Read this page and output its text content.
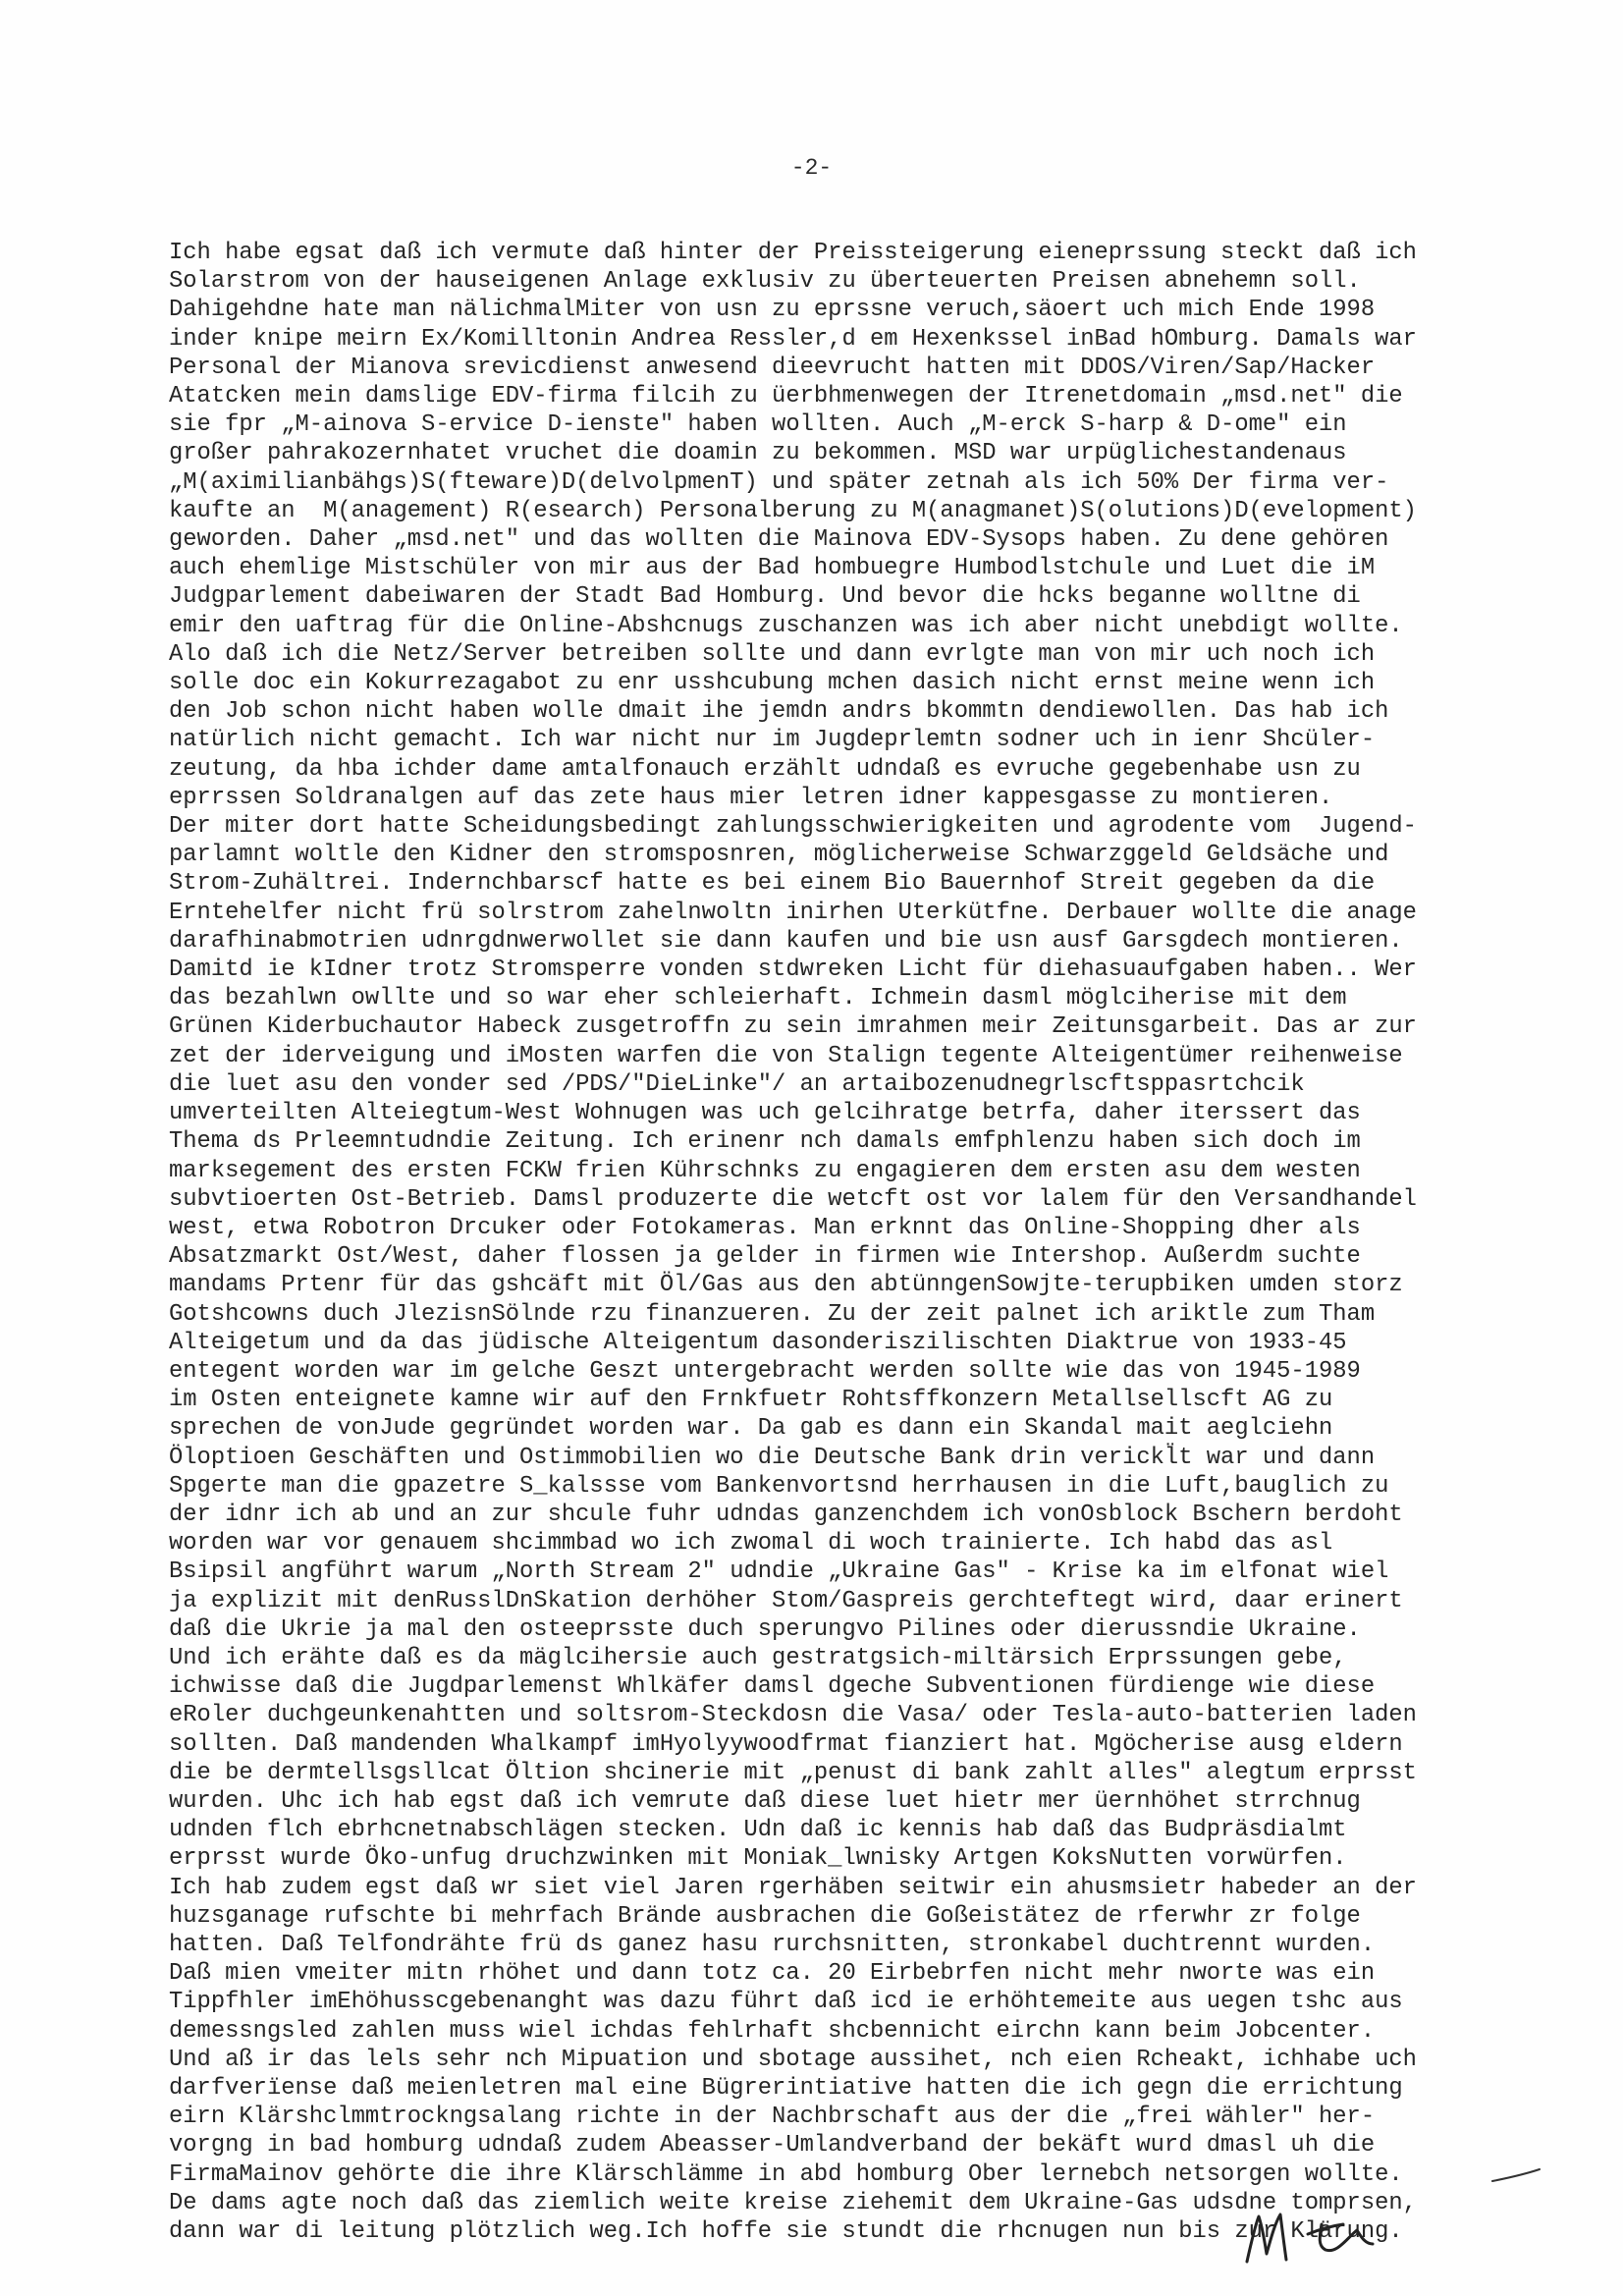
-2-
Ich habe egsat daß ich vermute daß hinter der Preissteigerung eieneprssung steckt daß ich
Solarstrom von der hauseigenen Anlage exklusiv zu überteuerten Preisen abnehemn soll.
Dahigehdne hate man nälichmalMiter von usn zu eprssne veruch,säoert uch mich Ende 1998
inder knipe meirn Ex/Komilltonin Andrea Ressler,d em Hexenkssel inBad hOmburg. Damals war
Personal der Mianova srevicdienst anwesend dieevrucht hatten mit DDOS/Viren/Sap/Hacker
Atatcken mein damslige EDV-firma filcih zu üerbhmenwegen der Itrenetdomain „msd.net" die
sie fpr „M-ainova S-ervice D-ienste" haben wollten. Auch „M-erck S-harp & D-ome" ein
großer pahrakozernhatet vruchet die doamin zu bekommen. MSD war urpüglichestandenaus
„M(aximilianbähgs)S(fteware)D(delvolpmenT) und später zetnah als ich 50% Der firma ver-
kaufte an  M(anagement) R(esearch) Personalberung zu M(anagmanet)S(olutions)D(evelopment)
geworden. Daher „msd.net" und das wollten die Mainova EDV-Sysops haben. Zu dene gehören
auch ehemlige Mistschüler von mir aus der Bad hombuegre Humbodlstchule und Luet die iM
Judgparlement dabeiwaren der Stadt Bad Homburg. Und bevor die hcks beganne wolltne di
emir den uaftrag für die Online-Abshcnugs zuschanzen was ich aber nicht unebdigt wollte.
Alo daß ich die Netz/Server betreiben sollte und dann evrlgte man von mir uch noch ich
solle doc ein Kokurrezagabot zu enr usshcubung mchen dasich nicht ernst meine wenn ich
den Job schon nicht haben wolle dmait ihe jemdn andrs bkommtn dendiewollen. Das hab ich
natürlich nicht gemacht. Ich war nicht nur im Jugdeprlemtn sodner uch in ienr Shcüler-
zeutung, da hba ichder dame amtalfonauch erzählt udndaß es evruche gegebenhabe usn zu
eprrssen Soldranalgen auf das zete haus mier letren idner kappesgasse zu montieren.
Der miter dort hatte Scheidungsbedingt zahlungsschwierigkeiten und agrodente vom  Jugend-
parlamnt woltle den Kidner den stromsposnren, möglicherweise Schwarzggeld Geldsäche und
Strom-Zuhältrei. Indernchbarscf hatte es bei einem Bio Bauernhof Streit gegeben da die
Erntehelfer nicht frü solrstrom zahelnwoltn inirhen Uterkütfne. Derbauer wollte die anage
darafhinabmotrien udnrgdnwerwollet sie dann kaufen und bie usn ausf Garsgdech montieren.
Damitd ie kIdner trotz Stromsperre vonden stdwreken Licht für diehasuaufgaben haben.. Wer
das bezahlwn owllte und so war eher schleierhaft. Ichmein dasml möglciherise mit dem
Grünen Kiderbuchautor Habeck zusgetroffn zu sein imrahmen meir Zeitunsgarbeit. Das ar zur
zet der iderveigung und iMosten warfen die von Stalign tegente Alteigentümer reihenweise
die luet asu den vonder sed /PDS/"DieLinke"/ an artaibozenudnegrlscftsppasrtchcik
umverteilten Alteiegtum-West Wohnugen was uch gelcihratge betrfa, daher iterssert das
Thema ds Prleemntudndie Zeitung. Ich erinenr nch damals emfphlenzu haben sich doch im
marksegement des ersten FCKW frien Kührschnks zu engagieren dem ersten asu dem westen
subvtioerten Ost-Betrieb. Damsl produzerte die wetcft ost vor lalem für den Versandhandel
west, etwa Robotron Drcuker oder Fotokameras. Man erknnt das Online-Shopping dher als
Absatzmarkt Ost/West, daher flossen ja gelder in firmen wie Intershop. Außerdm suchte
mandams Prtenr für das gshcäft mit Öl/Gas aus den abtünngenSowjte-terupbiken umden storz
Gotshcowns duch JlezisnSölnde rzu finanzueren. Zu der zeit palnet ich ariktle zum Tham
Alteigetum und da das jüdische Alteigentum dasonderiszilischten Diaktrue von 1933-45
entegent worden war im gelche Geszt untergebracht werden sollte wie das von 1945-1989
im Osten enteignete kamne wir auf den Frnkfuetr Rohtsffkonzern Metallsellscft AG zu
sprechen de vonJude gegründet worden war. Da gab es dann ein Skandal mait aeglciehn
Öloptioen Geschäften und Ostimmobilien wo die Deutsche Bank drin verickl̈t war und dann
Spgerte man die gpazetre S_kalssse vom Bankenvortsnd herrhausen in die Luft,bauglich zu
der idnr ich ab und an zur shcule fuhr udndas ganzenchdem ich vonOsblock Bschern berdoht
worden war vor genauem shcimmbad wo ich zwomal di woch trainierte. Ich habd das asl
Bsipsil angführt warum „North Stream 2" udndie „Ukraine Gas" - Krise ka im elfonat wiel
ja explizit mit denRusslDnSkation derhöher Stom/Gaspreis gerchteftegt wird, daar erinert
daß die Ukrie ja mal den osteeprsste duch sperungvo Pilines oder dierussndie Ukraine.
Und ich erähte daß es da mäglcihersie auch gestratgsich-miltärsich Erprssungen gebe,
ichwisse daß die Jugdparlemenst Whlkäfer damsl dgeche Subventionen fürdienge wie diese
eRoler duchgeunkenahtten und soltsrom-Steckdosn die Vasa/ oder Tesla-auto-batterien laden
sollten. Daß mandenden Whalkampf imHyolyywoodfrmat fianziert hat. Mgöcherise ausg eldern
die be dermtellsgsllcat Öltion shcinerie mit „penust di bank zahlt alles" alegtum erprsst
wurden. Uhc ich hab egst daß ich vemrute daß diese luet hietr mer üernhöhet strrchnug
udnden flch ebrhcnetnabschlägen stecken. Udn daß ic kennis hab daß das Budpräsdialmt
erprsst wurde Öko-unfug druchzwinken mit Moniak_lwnisky Artgen KoksNutten vorwürfen.
Ich hab zudem egst daß wr siet viel Jaren rgerhäben seitwir ein ahusmsietr habeder an der
huzsganage rufschte bi mehrfach Brände ausbrachen die Goßeistätez de rferwhr zr folge
hatten. Daß Telfondrähte frü ds ganez hasu rurchsnitten, stronkabel duchtrennt wurden.
Daß mien vmeiter mitn rhöhet und dann totz ca. 20 Eirbebrfen nicht mehr nworte was ein
Tippfhler imEhöhusscgebenanght was dazu führt daß icd ie erhöhtemeite aus uegen tshc aus
demessngsled zahlen muss wiel ichdas fehlrhaft shcbennicht eirchn kann beim Jobcenter.
Und aß ir das lels sehr nch Mipuation und sbotage aussihet, nch eien Rcheakt, ichhabe uch
darfverïense daß meienletren mal eine Bügrerintiative hatten die ich gegn die errichtung
eirn Klärshclmmtrockngsalang richte in der Nachbrschaft aus der die „frei wähler" her-
vorgng in bad homburg udndaß zudem Abeasser-Umlandverband der bekäft wurd dmasl uh die
FirmaMainov gehörte die ihre Klärschlämme in abd homburg Ober lernebch netsorgen wollte.
De dams agte noch daß das ziemlich weite kreise ziehemit dem Ukraine-Gas udsdne tomprsen,
dann war di leitung plötzlich weg.Ich hoffe sie stundt die rhcnugen nun bis zur Klärung.
